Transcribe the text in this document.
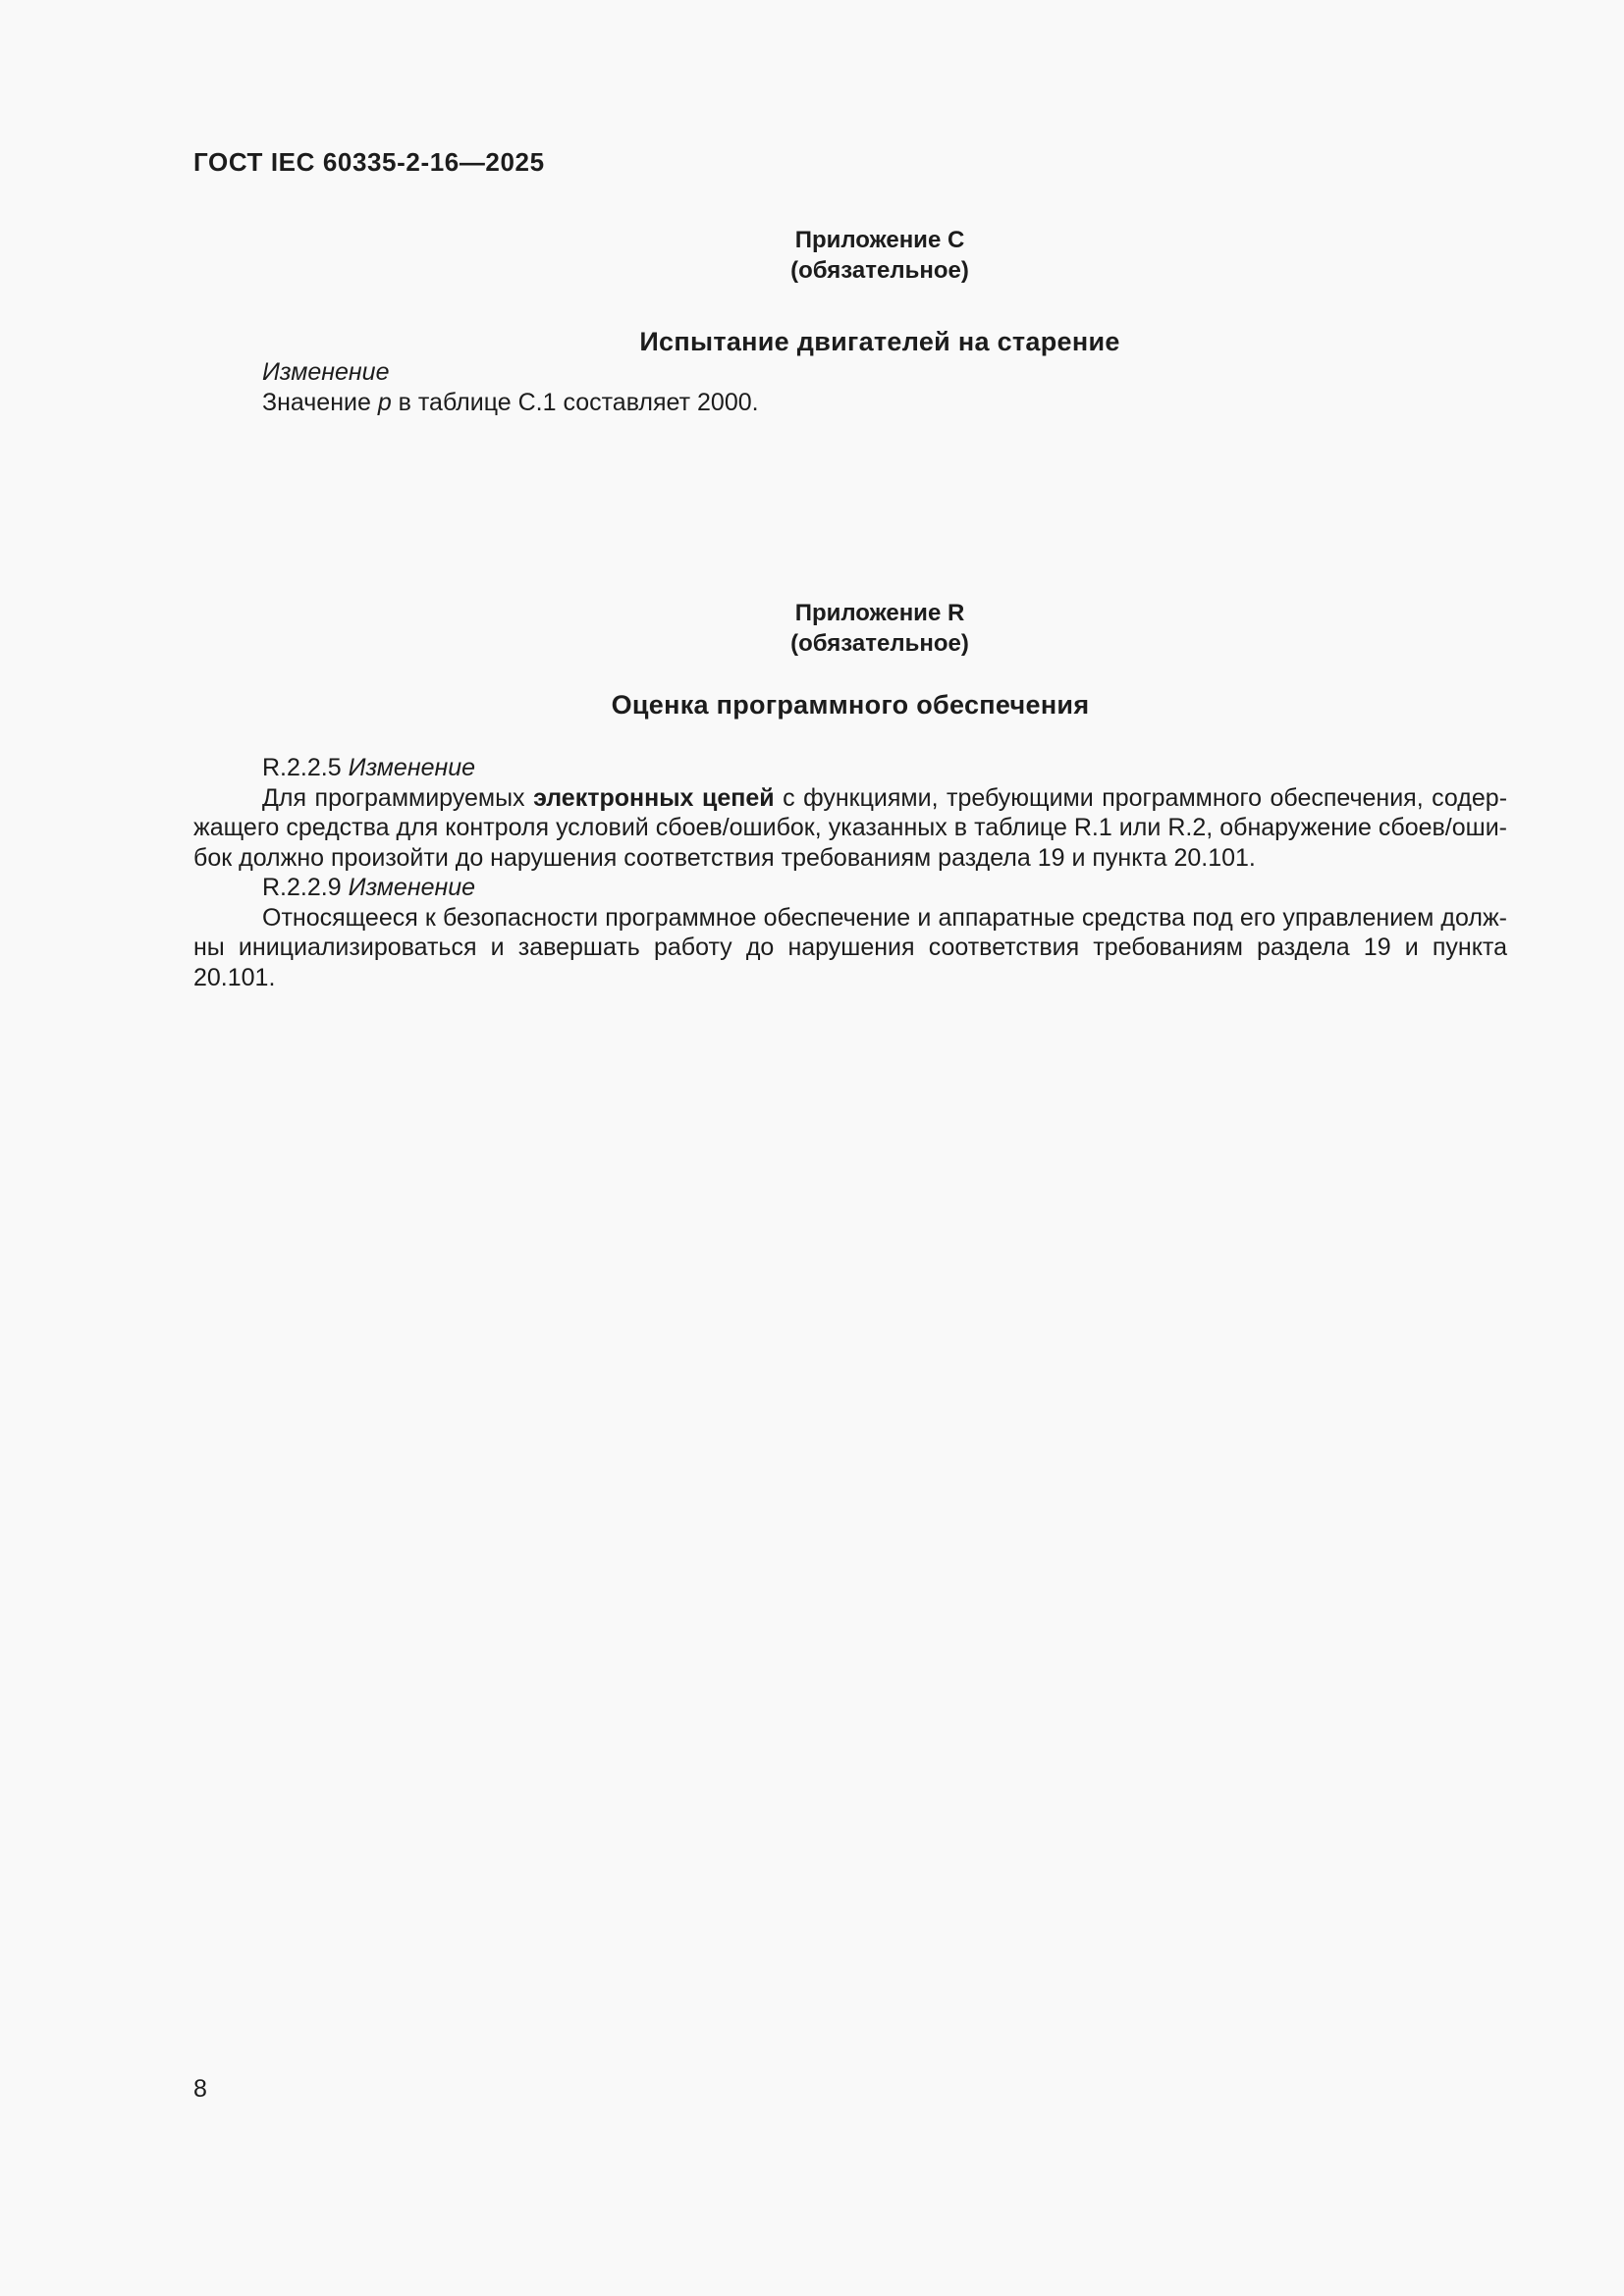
ГОСТ IEC 60335-2-16—2025
Приложение С
(обязательное)
Испытание двигателей на старение

Изменение

Значение p в таблице С.1 составляет 2000.

Приложение R
(обязательное)
Оценка программного обеспечения

R.2.2.5 Изменение

Для программируемых электронных цепей с функциями, требующими программного обеспечения, содержащего средства для контроля условий сбоев/ошибок, указанных в таблице R.1 или R.2, обнаружение сбоев/ошибок должно произойти до нарушения соответствия требованиям раздела 19 и пункта 20.101.

R.2.2.9 Изменение

Относящееся к безопасности программное обеспечение и аппаратные средства под его управлением должны инициализироваться и завершать работу до нарушения соответствия требованиям раздела 19 и пункта 20.101.

8
